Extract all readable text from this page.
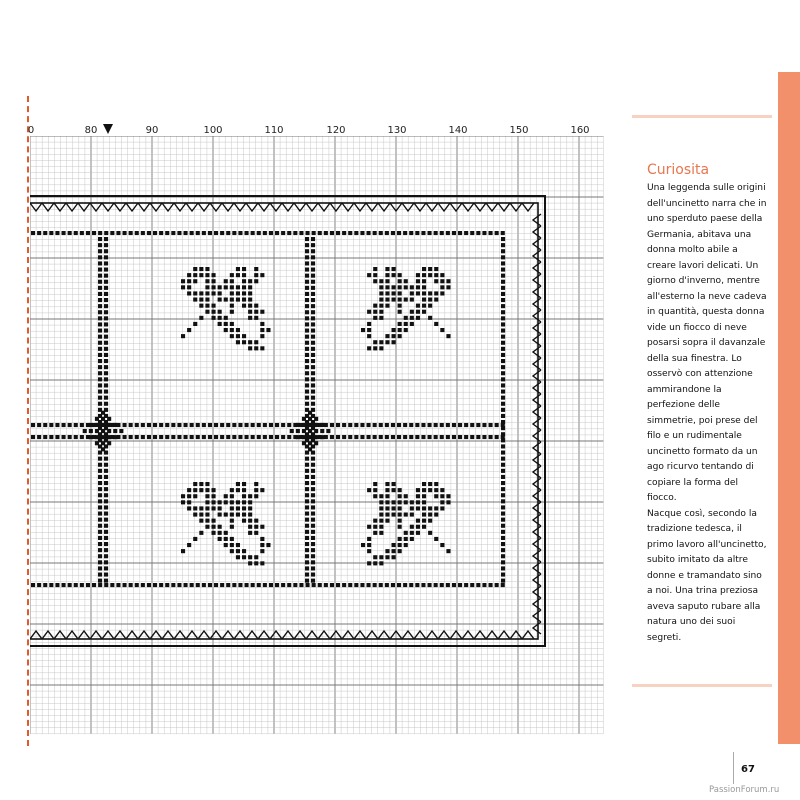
0	80	90	100	110	120	130	140	150	160
Curiosita
Una leggenda sulle origini dell'uncinetto narra che in uno sperduto paese della Germania, abitava una donna molto abile a creare lavori delicati. Un giorno d'inverno, mentre all'esterno la neve cadeva in quantità, questa donna vide un fiocco di neve posarsi sopra il davanzale della sua finestra. Lo osservò con attenzione ammirandone la perfezione delle simmetrie, poi prese del filo e un rudimentale uncinetto formato da un ago ricurvo tentando di copiare la forma del fiocco.
Nacque così, secondo la tradizione tedesca, il primo lavoro all'uncinetto, subito imitato da altre donne e tramandato sino a noi. Una trina preziosa aveva saputo rubare alla natura uno dei suoi segreti.
67
PassionForum.ru
